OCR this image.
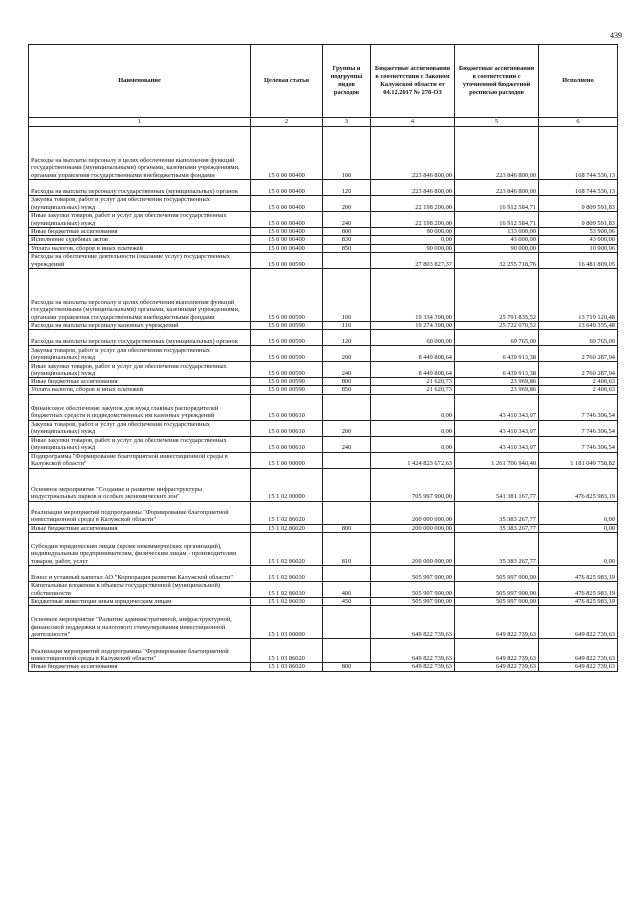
439
Наименование	Целевая статья	Группы и подгруппы видов расходов	Бюджетные ассигнования в соответствии с Законом Калужской области от 04.12.2017 № 278-ОЗ	Бюджетные ассигнования в соответствии с уточненной бюджетной росписью расходов	Исполнено
1	2	3	4	5	6
Расходы на выплаты персоналу в целях обеспечения выполнения функций государственными (муниципальными) органами, казенными учреждениями, органами управления государственными внебюджетными фондами	15 0 00 00400	100	223 846 800,00	223 846 800,00	168 744 536,13
Расходы на выплаты персоналу государственных (муниципальных) органов	15 0 00 00400	120	223 846 800,00	223 846 800,00	168 744 536,13
Закупка товаров, работ и услуг для обеспечения государственных (муниципальных) нужд	15 0 00 00400	200	22 198 200,00	16 912 584,71	9 809 591,83
Иные закупки товаров, работ и услуг для обеспечения государственных (муниципальных) нужд	15 0 00 00400	240	22 198 200,00	16 912 584,71	9 809 591,83
Иные бюджетные ассигнования	15 0 00 00400	800	90 000,00	133 000,00	53 900,96
Исполнение судебных актов	15 0 00 00400	830	0,00	43 000,00	43 000,00
Уплата налогов, сборов и иных платежей	15 0 00 00400	850	90 000,00	90 000,00	10 900,96
Расходы на обеспечение деятельности (оказание услуг) государственных учреждений	15 0 00 00590		27 803 827,37	32 255 718,76	16 481 809,05
Расходы на выплаты персоналу в целях обеспечения выполнения функций государственными (муниципальными) органами, казенными учреждениями, органами управления государственными внебюджетными фондами	15 0 00 00590	100	19 334 398,00	25 791 835,52	13 719 120,48
Расходы на выплаты персоналу казенных учреждений	15 0 00 00590	110	19 274 398,00	25 722 070,52	13 649 355,48
Расходы на выплаты персоналу государственных (муниципальных) органов	15 0 00 00590	120	60 000,00	69 765,00	69 765,00
Закупка товаров, работ и услуг для обеспечения государственных (муниципальных) нужд	15 0 00 00590	200	8 449 808,64	6 439 913,38	2 760 287,94
Иные закупки товаров, работ и услуг для обеспечения государственных (муниципальных) нужд	15 0 00 00590	240	8 449 808,64	6 439 913,38	2 760 287,94
Иные бюджетные ассигнования	15 0 00 00590	800	21 620,73	23 969,86	2 400,63
Уплата налогов, сборов и иных платежей	15 0 00 00590	850	21 620,73	23 969,86	2 400,63
Финансовое обеспечение закупок для нужд главных распорядителей бюджетных средств и подведомственных им казенных учреждений	15 0 00 00610		0,00	43 410 343,97	7 746 396,54
Закупка товаров, работ и услуг для обеспечения государственных (муниципальных) нужд	15 0 00 00610	200	0,00	43 410 343,97	7 746 396,54
Иные закупки товаров, работ и услуг для обеспечения государственных (муниципальных) нужд	15 0 00 00610	240	0,00	43 410 343,97	7 746 396,54
Подпрограмма "Формирование благоприятной инвестиционной среды в Калужской области"	15 1 00 00000		1 424 823 672,63	1 261 706 940,40	1 181 049 758,82
Основное мероприятие "Создание и развитие инфраструктуры индустриальных парков и особых экономических зон"	15 1 02 00000		705 997 900,00	541 381 167,77	476 825 983,19
Реализация мероприятий подпрограммы "Формирование благоприятной инвестиционной среды в Калужской области"	15 1 02 86020		200 000 000,00	35 383 267,77	0,00
Иные бюджетные ассигнования	15 1 02 86020	800	200 000 000,00	35 383 267,77	0,00
Субсидии юридическим лицам (кроме некоммерческих организаций), индивидуальным предпринимателям, физическим лицам - производителям товаров, работ, услуг	15 1 02 86020	810	200 000 000,00	35 383 267,77	0,00
Взнос в уставный капитал АО "Корпорация развития Калужской области"	15 1 02 86030		505 997 900,00	505 997 900,00	476 825 983,19
Капитальные вложения в объекты государственной (муниципальной) собственности	15 1 02 86030	400	505 997 900,00	505 997 900,00	476 825 983,19
Бюджетные инвестиции иным юридическим лицам	15 1 02 86030	450	505 997 900,00	505 997 900,00	476 825 983,19
Основное мероприятие "Развитие административной, инфраструктурной, финансовой поддержки и налогового стимулирования инвестиционной деятельности"	15 1 03 00000		649 822 739,63	649 822 739,63	649 822 739,63
Реализация мероприятий подпрограммы "Формирование благоприятной инвестиционной среды в Калужской области"	15 1 03 86020		649 822 739,63	649 822 739,63	649 822 739,63
Иные бюджетные ассигнования	15 1 03 86020	800	649 822 739,63	649 822 739,63	649 822 739,63
